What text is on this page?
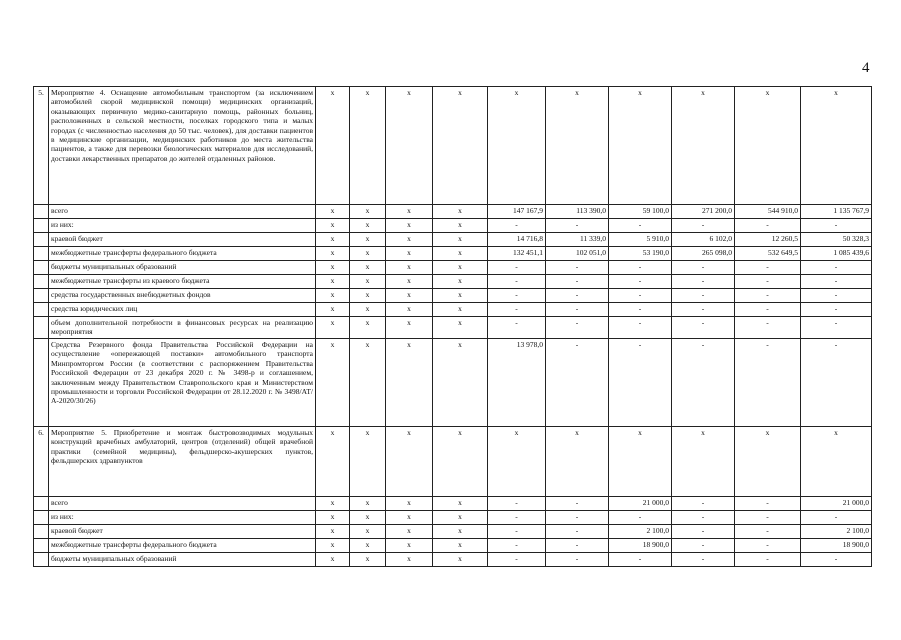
4
5.	Мероприятие 4. Оснащение автомобильным транспортом (за исключением автомобилей скорой медицинской помощи) медицинских организаций, оказывающих первичную медико-санитарную помощь, районных больниц, расположенных в сельской местности, поселках городского типа и малых городах (с численностью населения до 50 тыс. человек), для доставки пациентов в медицинские организации, медицинских работников до места жительства пациентов, а также для перевозки биологических материалов для исследований, доставки лекарственных препаратов до жителей отдаленных районов.	x	x	x	x	x	x	x	x	x	x
	всего	x	x	x	x	147 167,9	113 390,0	59 100,0	271 200,0	544 910,0	1 135 767,9
	из них:	x	x	x	x	-	-	-	-	-	-
	краевой бюджет	x	x	x	x	14 716,8	11 339,0	5 910,0	6 102,0	12 260,5	50 328,3
	межбюджетные трансферты федерального бюджета	x	x	x	x	132 451,1	102 051,0	53 190,0	265 098,0	532 649,5	1 085 439,6
	бюджеты муниципальных образований	x	x	x	x	-	-	-	-	-	-
	межбюджетные трансферты из краевого бюджета	x	x	x	x	-	-	-	-	-	-
	средства государственных внебюджетных фондов	x	x	x	x	-	-	-	-	-	-
	средства юридических лиц	x	x	x	x	-	-	-	-	-	-
	объем дополнительной потребности в финансовых ресурсах на реализацию мероприятия	x	x	x	x	-	-	-	-	-	-
	Средства Резервного фонда Правительства Российской Федерации на осуществление «опережающей поставки» автомобильного транспорта Минпромторгом России (в соответствии с распоряжением Правительства Российской Федерации от 23 декабря 2020 г. № 3498-р и соглашением, заключенным между Правительством Ставропольского края и Министерством промышленности и торговли Российской Федерации от 28.12.2020 г. № 3498/АТ/А-2020/30/26)	x	x	x	x	13 978,0	-	-	-	-	-
6.	Мероприятие 5. Приобретение и монтаж быстровозводимых модульных конструкций врачебных амбулаторий, центров (отделений) общей врачебной практики (семейной медицины), фельдшерско-акушерских пунктов, фельдшерских здравпунктов	x	x	x	x	x	x	x	x	x	x
	всего	x	x	x	x	-	-	21 000,0	-	-	21 000,0
	из них:	x	x	x	x	-	-	-	-	-	-
	краевой бюджет	x	x	x	x	-	-	2 100,0	-	-	2 100,0
	межбюджетные трансферты федерального бюджета	x	x	x	x	-	-	18 900,0	-	-	18 900,0
	бюджеты муниципальных образований	x	x	x	x	-	-	-	-	-	-
